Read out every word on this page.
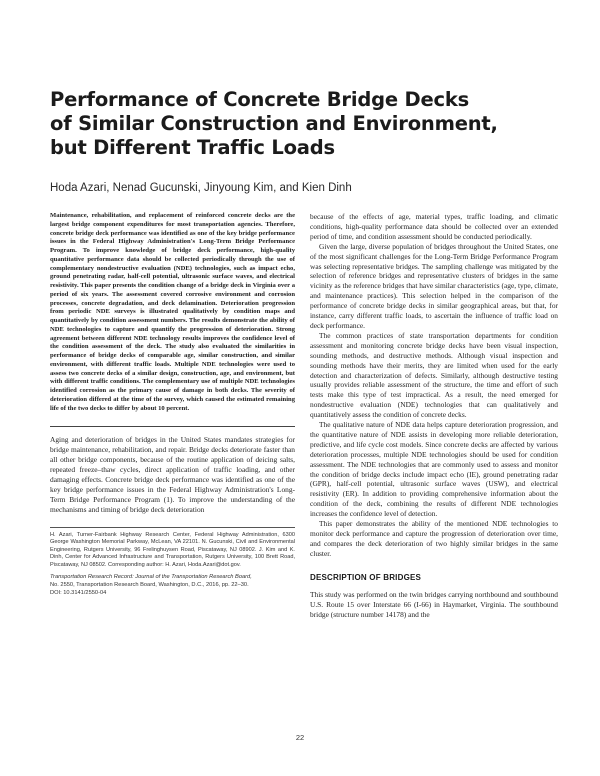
Performance of Concrete Bridge Decks
of Similar Construction and Environment,
but Different Traffic Loads
Hoda Azari, Nenad Gucunski, Jinyoung Kim, and Kien Dinh
Maintenance, rehabilitation, and replacement of reinforced concrete decks are the largest bridge component expenditures for most transportation agencies. Therefore, concrete bridge deck performance was identified as one of the key bridge performance issues in the Federal Highway Administration's Long-Term Bridge Performance Program. To improve knowledge of bridge deck performance, high-quality quantitative performance data should be collected periodically through the use of complementary nondestructive evaluation (NDE) technologies, such as impact echo, ground penetrating radar, half-cell potential, ultrasonic surface waves, and electrical resistivity. This paper presents the condition change of a bridge deck in Virginia over a period of six years. The assessment covered corrosive environment and corrosion processes, concrete degradation, and deck delamination. Deterioration progression from periodic NDE surveys is illustrated qualitatively by condition maps and quantitatively by condition assessment numbers. The results demonstrate the ability of NDE technologies to capture and quantify the progression of deterioration. Strong agreement between different NDE technology results improves the confidence level of the condition assessment of the deck. The study also evaluated the similarities in performance of bridge decks of comparable age, similar construction, and similar environment, with different traffic loads. Multiple NDE technologies were used to assess two concrete decks of a similar design, construction, age, and environment, but with different traffic conditions. The complementary use of multiple NDE technologies identified corrosion as the primary cause of damage in both decks. The severity of deterioration differed at the time of the survey, which caused the estimated remaining life of the two decks to differ by about 10 percent.

Aging and deterioration of bridges in the United States mandates strategies for bridge maintenance, rehabilitation, and repair. Bridge decks deteriorate faster than all other bridge components, because of the routine application of deicing salts, repeated freeze–thaw cycles, direct application of traffic loading, and other damaging effects. Concrete bridge deck performance was identified as one of the key bridge performance issues in the Federal Highway Administration's Long-Term Bridge Performance Program (1). To improve the understanding of the mechanisms and timing of bridge deck deterioration

H. Azari, Turner-Fairbank Highway Research Center, Federal Highway Administration, 6300 George Washington Memorial Parkway, McLean, VA 22101. N. Gucunski, Civil and Environmental Engineering, Rutgers University, 96 Frelinghuysen Road, Piscataway, NJ 08902. J. Kim and K. Dinh, Center for Advanced Infrastructure and Transportation, Rutgers University, 100 Brett Road, Piscataway, NJ 08502. Corresponding author: H. Azari, Hoda.Azari@dot.gov.

Transportation Research Record: Journal of the Transportation Research Board,
No. 2550, Transportation Research Board, Washington, D.C., 2016, pp. 22–30.
DOI: 10.3141/2550-04

because of the effects of age, material types, traffic loading, and climatic conditions, high-quality performance data should be collected over an extended period of time, and condition assessment should be conducted periodically.

Given the large, diverse population of bridges throughout the United States, one of the most significant challenges for the Long-Term Bridge Performance Program was selecting representative bridges. The sampling challenge was mitigated by the selection of reference bridges and representative clusters of bridges in the same vicinity as the reference bridges that have similar characteristics (age, type, climate, and maintenance practices). This selection helped in the comparison of the performance of concrete bridge decks in similar geographical areas, but that, for instance, carry different traffic loads, to ascertain the influence of traffic load on deck performance.

The common practices of state transportation departments for condition assessment and monitoring concrete bridge decks have been visual inspection, sounding methods, and destructive methods. Although visual inspection and sounding methods have their merits, they are limited when used for the early detection and characterization of defects. Similarly, although destructive testing usually provides reliable assessment of the structure, the time and effort of such tests make this type of test impractical. As a result, the need emerged for nondestructive evaluation (NDE) technologies that can qualitatively and quantitatively assess the condition of concrete decks.

The qualitative nature of NDE data helps capture deterioration progression, and the quantitative nature of NDE assists in developing more reliable deterioration, predictive, and life cycle cost models. Since concrete decks are affected by various deterioration processes, multiple NDE technologies should be used for condition assessment. The NDE technologies that are commonly used to assess and monitor the condition of bridge decks include impact echo (IE), ground penetrating radar (GPR), half-cell potential, ultrasonic surface waves (USW), and electrical resistivity (ER). In addition to providing comprehensive information about the condition of the deck, combining the results of different NDE technologies increases the confidence level of detection.

This paper demonstrates the ability of the mentioned NDE technologies to monitor deck performance and capture the progression of deterioration over time, and compares the deck deterioration of two highly similar bridges in the same cluster.

DESCRIPTION OF BRIDGES

This study was performed on the twin bridges carrying northbound and southbound U.S. Route 15 over Interstate 66 (I-66) in Haymarket, Virginia. The southbound bridge (structure number 14178) and the

22
